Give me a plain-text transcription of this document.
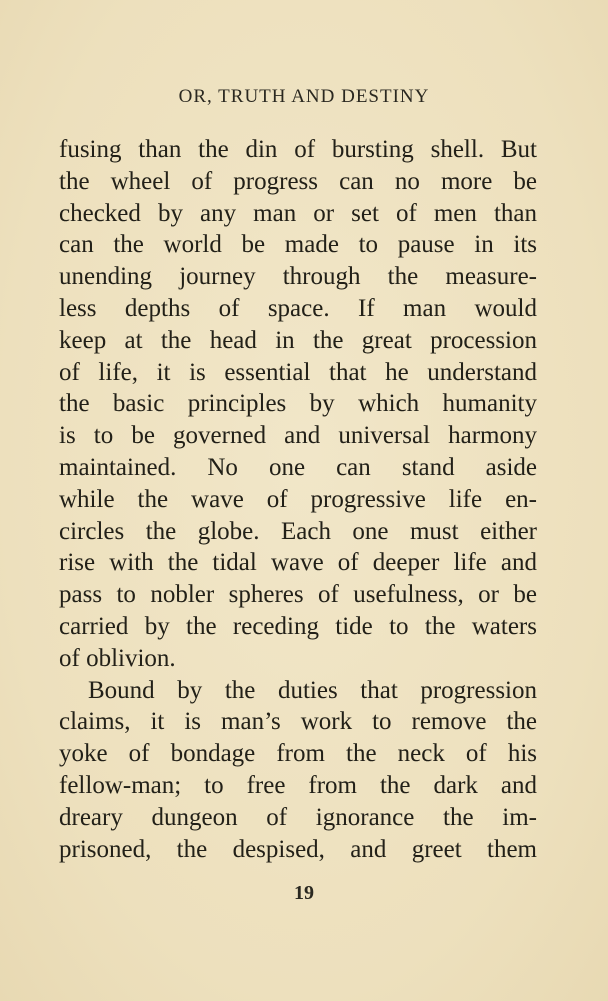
OR, TRUTH AND DESTINY
fusing than the din of bursting shell. But
the wheel of progress can no more be
checked by any man or set of men than
can the world be made to pause in its
unending journey through the measure-
less depths of space. If man would
keep at the head in the great procession
of life, it is essential that he understand
the basic principles by which humanity
is to be governed and universal harmony
maintained. No one can stand aside
while the wave of progressive life en-
circles the globe. Each one must either
rise with the tidal wave of deeper life and
pass to nobler spheres of usefulness, or be
carried by the receding tide to the waters
of oblivion.
Bound by the duties that progression
claims, it is man’s work to remove the
yoke of bondage from the neck of his
fellow-man; to free from the dark and
dreary dungeon of ignorance the im-
prisoned, the despised, and greet them
19
